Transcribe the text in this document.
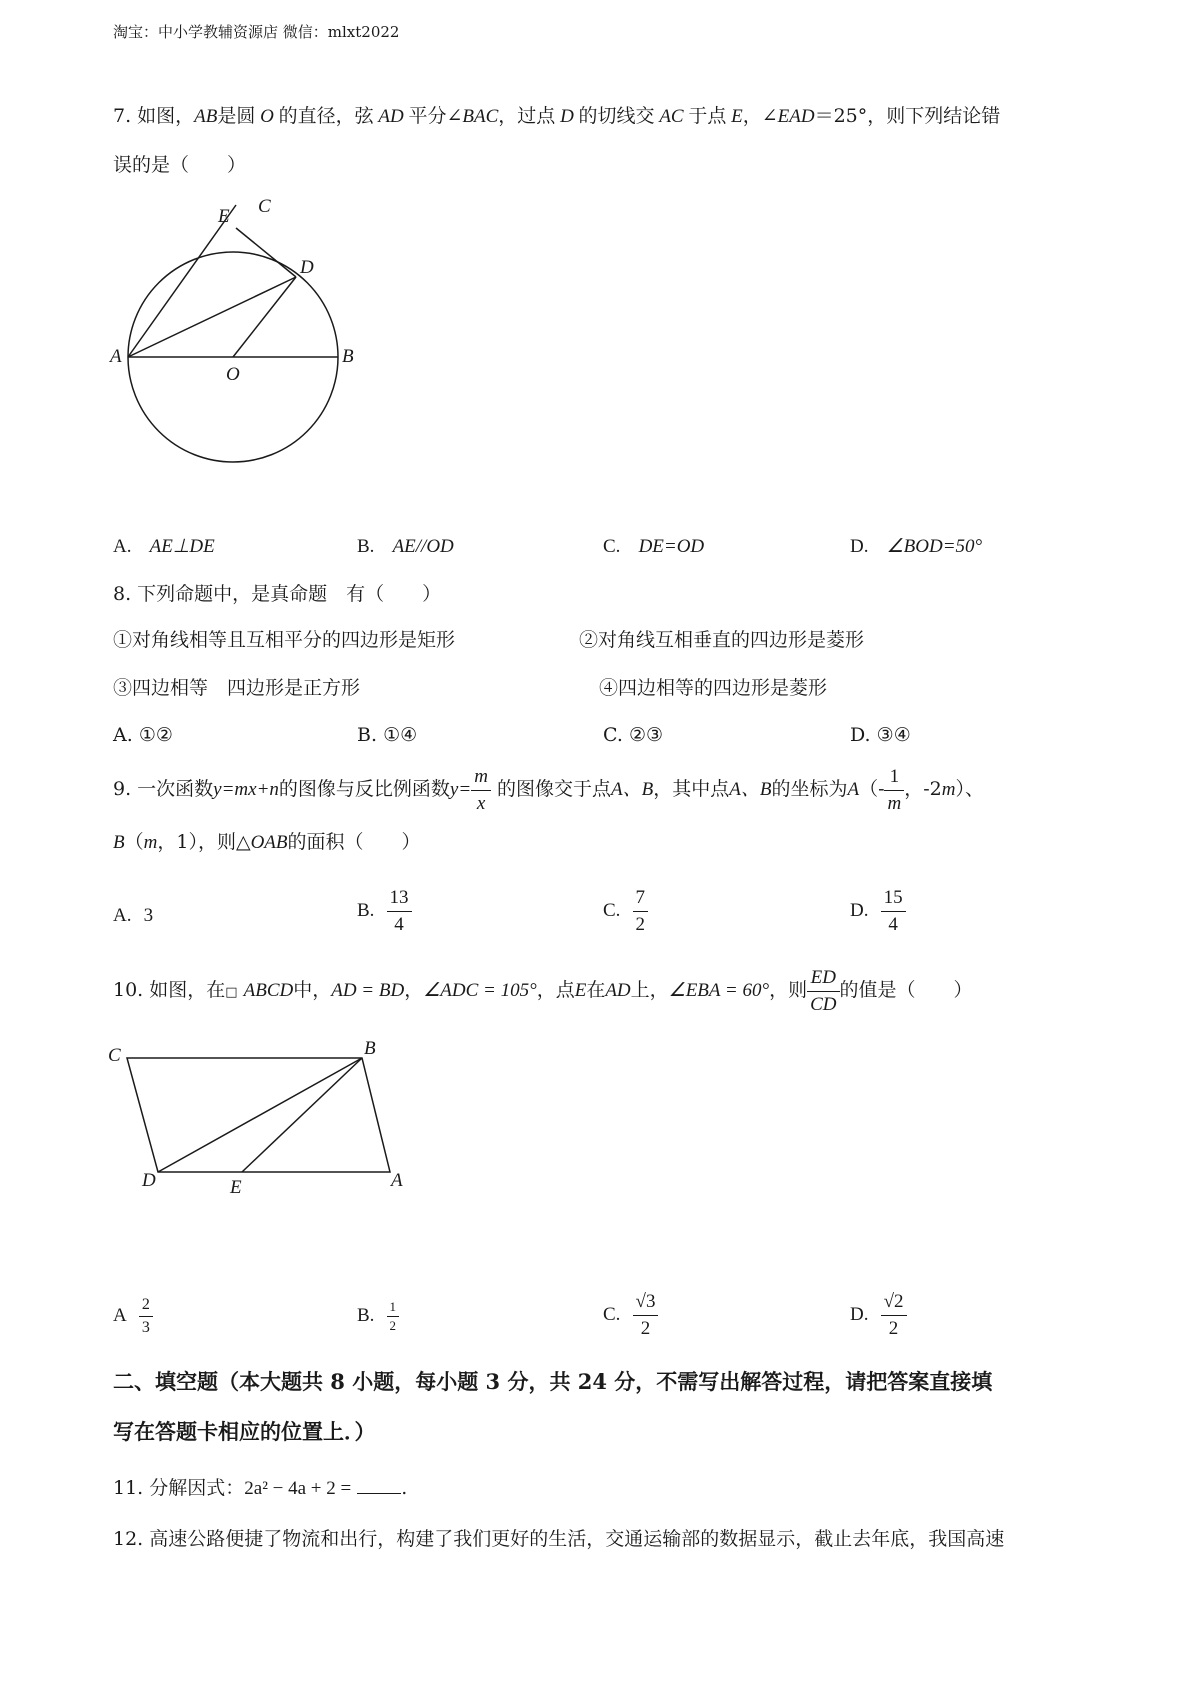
淘宝：中小学教辅资源店 微信：mlxt2022
7. 如图，AB是圆 O 的直径，弦 AD 平分∠BAC，过点 D 的切线交 AC 于点 E，∠EAD＝25°，则下列结论错
误的是（　　）
E C
D
A
O
B
A. AE⊥DE	B. AE//OD	C. DE=OD	D. ∠BOD=50°
8. 下列命题中，是真命题　有（　　）
①对角线相等且互相平分的四边形是矩形	②对角线互相垂直的四边形是菱形
③四边相等　四边形是正方形	④四边相等的四边形是菱形
A. ①②	B. ①④	C. ②③	D. ③④
9. 一次函数y=mx+n的图像与反比例函数$y= \frac{m}{x}$ 的图像交于点A、B，其中点A、B的坐标为$A(- \frac{1}{m}$ ，-2m）、
B（m，1），则△OAB的面积（　　）
A. 3	B. $\frac{13}{4}$	C. $\frac{7}{2}$	D. $\frac{15}{4}$
10. 如图，在□ ABCD中，AD = BD，∠ADC = 105°，点E在AD上，∠EBA = 60°，则 $\frac{ED}{CD}$ 的值是（　　）
C	B
D	E	A
A $\frac{2}{3}$	B. $\frac{1}{2}$	C. $\frac{√3}{2}$	D. $\frac{√2}{2}$
二、填空题（本大题共 8 小题，每小题 3 分，共 24 分，不需写出解答过程，请把答案直接填
写在答题卡相应的位置上．）
11. 分解因式：2a² − 4a + 2 =	.
12. 高速公路便捷了物流和出行，构建了我们更好的生活，交通运输部的数据显示，截止去年底，我国高速
